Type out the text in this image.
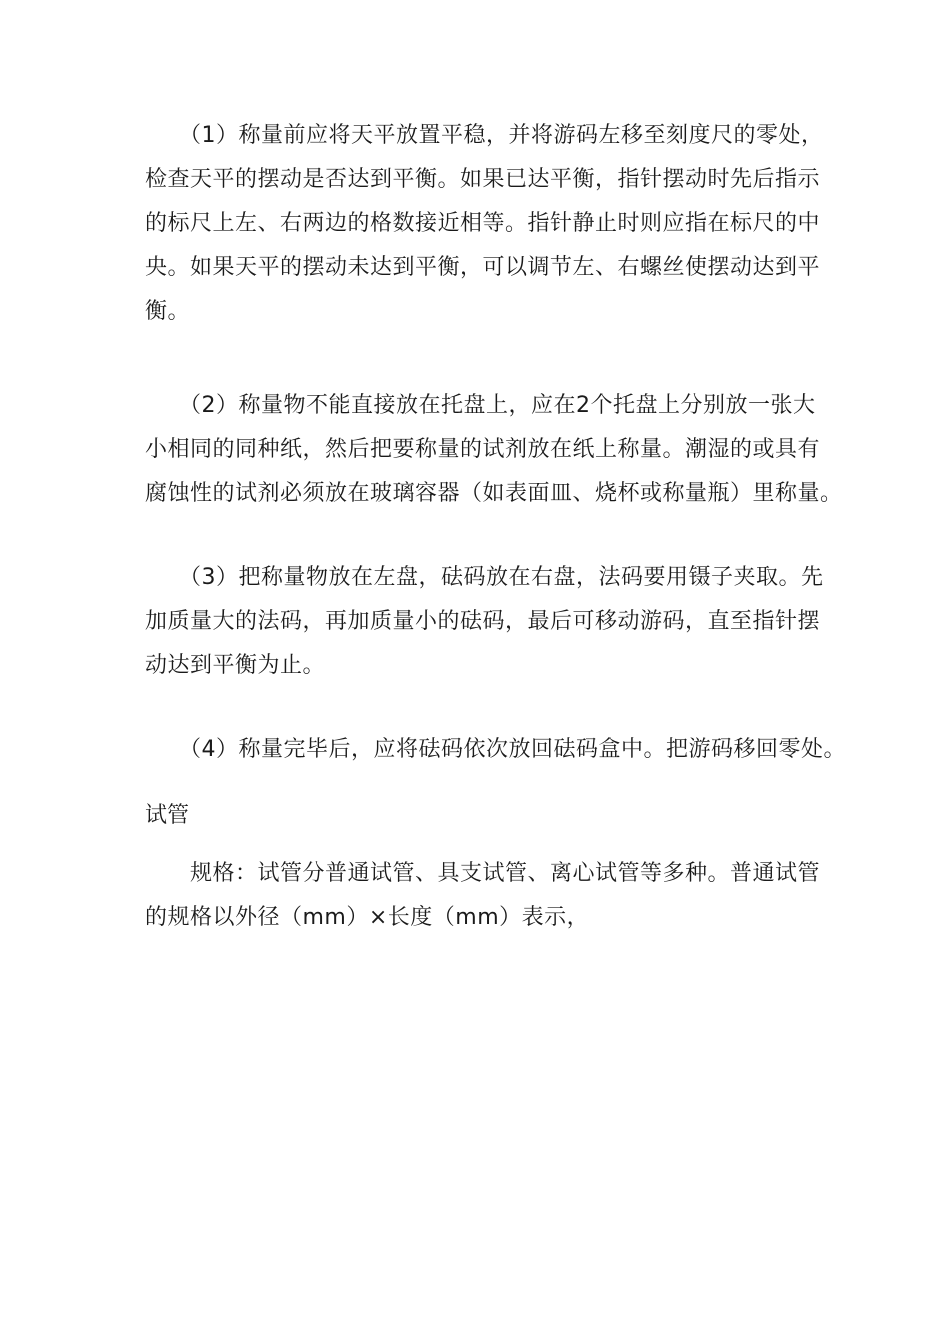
　　（1）称量前应将天平放置平稳，并将游码左移至刻度尺的零处，
检查天平的摆动是否达到平衡。如果已达平衡，指针摆动时先后指示
的标尺上左、右两边的格数接近相等。指针静止时则应指在标尺的中
央。如果天平的摆动未达到平衡，可以调节左、右螺丝使摆动达到平
衡。
　　（2）称量物不能直接放在托盘上，应在2个托盘上分别放一张大
小相同的同种纸，然后把要称量的试剂放在纸上称量。潮湿的或具有
腐蚀性的试剂必须放在玻璃容器（如表面皿、烧杯或称量瓶）里称量。
　　（3）把称量物放在左盘，砝码放在右盘，法码要用镊子夹取。先
加质量大的法码，再加质量小的砝码，最后可移动游码，直至指针摆
动达到平衡为止。
　　（4）称量完毕后，应将砝码依次放回砝码盒中。把游码移回零处。
试管
　　规格：试管分普通试管、具支试管、离心试管等多种。普通试管
的规格以外径（mm）×长度（mm）表示，
